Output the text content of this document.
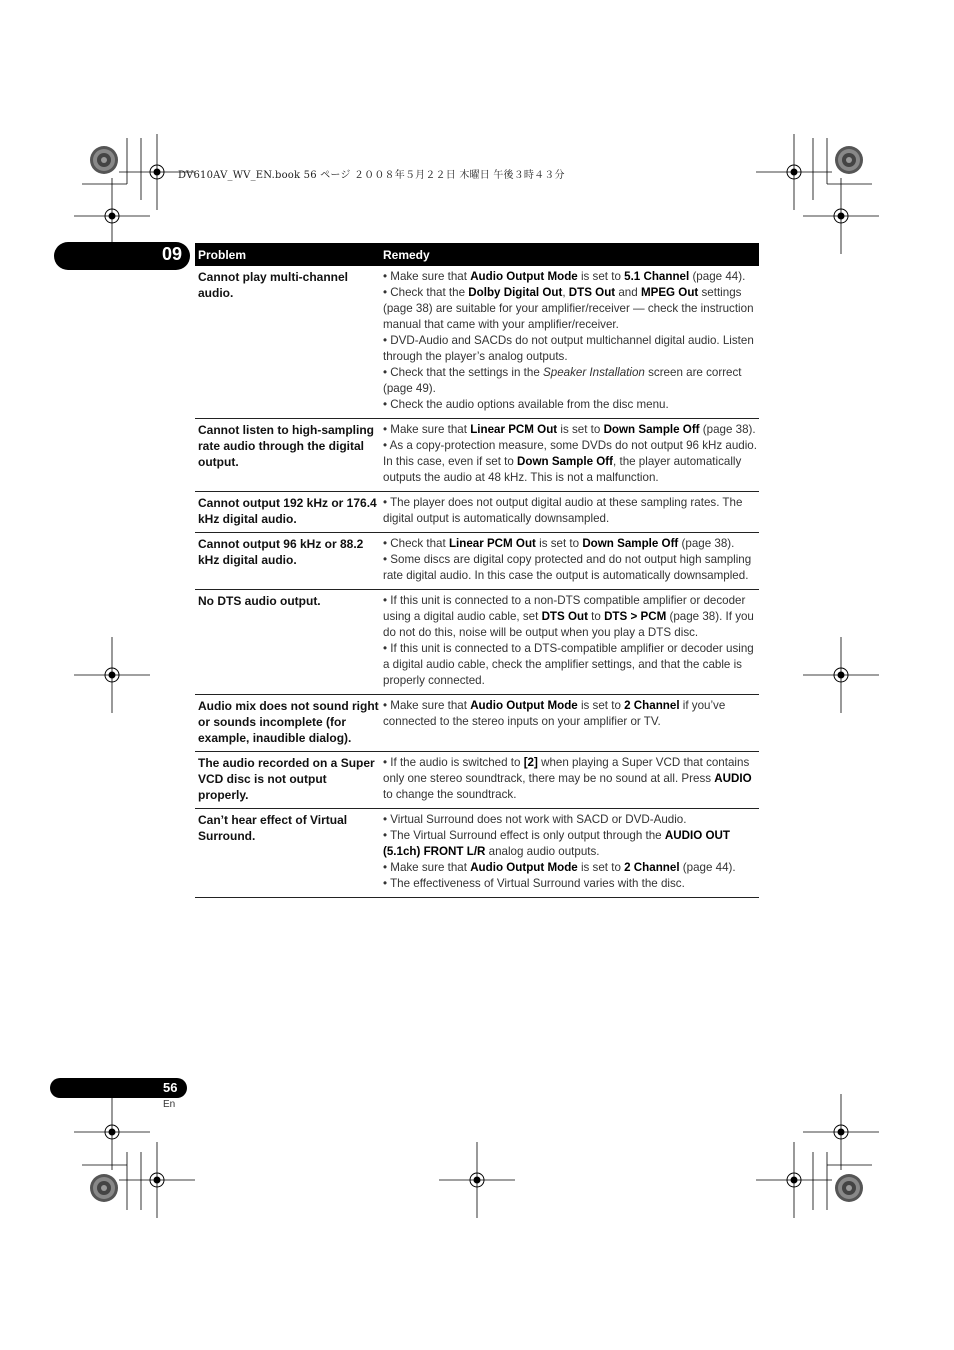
DV610AV_WV_EN.book 56 ページ ２００８年５月２２日 木曜日 午後３時４３分
09 Problem	Remedy
Cannot play multi-channel audio.

• Make sure that Audio Output Mode is set to 5.1 Channel (page 44).

• Check that the Dolby Digital Out, DTS Out and MPEG Out settings (page 38) are suitable for your amplifier/receiver — check the instruction manual that came with your amplifier/receiver.

• DVD-Audio and SACDs do not output multichannel digital audio. Listen through the player’s analog outputs.

• Check that the settings in the Speaker Installation screen are correct (page 49).

• Check the audio options available from the disc menu.

Cannot listen to high-sampling rate audio through the digital output.

• Make sure that Linear PCM Out is set to Down Sample Off (page 38).

• As a copy-protection measure, some DVDs do not output 96 kHz audio. In this case, even if set to Down Sample Off, the player automatically outputs the audio at 48 kHz. This is not a malfunction.

Cannot output 192 kHz or 176.4 kHz digital audio.

• The player does not output digital audio at these sampling rates. The digital output is automatically downsampled.

Cannot output 96 kHz or 88.2 kHz digital audio.

• Check that Linear PCM Out is set to Down Sample Off (page 38).

• Some discs are digital copy protected and do not output high sampling rate digital audio. In this case the output is automatically downsampled.

No DTS audio output.	• If this unit is connected to a non-DTS compatible amplifier or decoder using a digital audio cable, set DTS Out to DTS > PCM (page 38). If you do not do this, noise will be output when you play a DTS disc.

• If this unit is connected to a DTS-compatible amplifier or decoder using a digital audio cable, check the amplifier settings, and that the cable is properly connected.

Audio mix does not sound right or sounds incomplete (for example, inaudible dialog).

• Make sure that Audio Output Mode is set to 2 Channel if you’ve connected to the stereo inputs on your amplifier or TV.

The audio recorded on a Super VCD disc is not output properly.

• If the audio is switched to [2] when playing a Super VCD that contains only one stereo soundtrack, there may be no sound at all. Press AUDIO to change the soundtrack.

Can’t hear effect of Virtual Surround.

• Virtual Surround does not work with SACD or DVD-Audio.

• The Virtual Surround effect is only output through the AUDIO OUT (5.1ch) FRONT L/R analog audio outputs.

• Make sure that Audio Output Mode is set to 2 Channel (page 44).

• The effectiveness of Virtual Surround varies with the disc.

56
En
